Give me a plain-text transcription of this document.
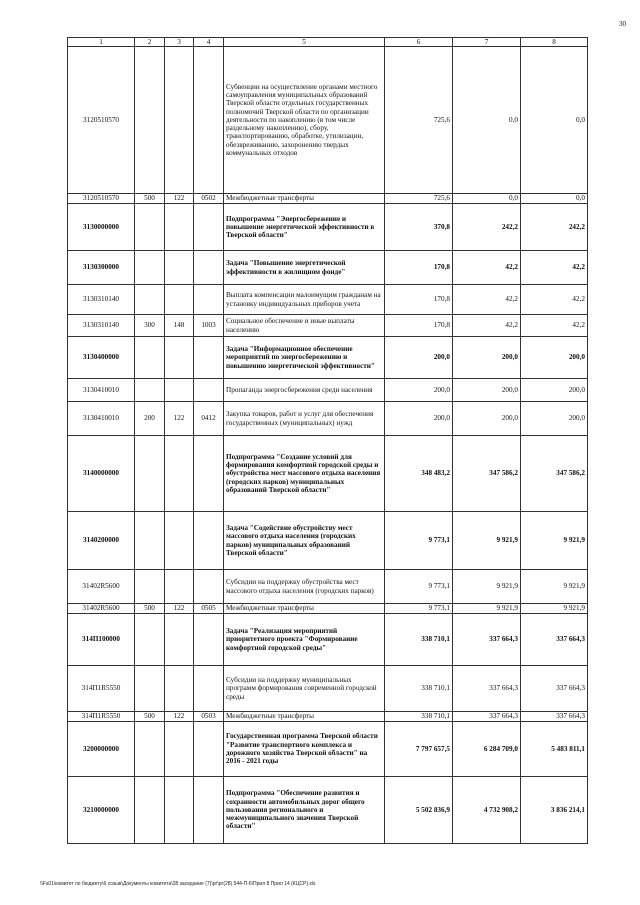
30
1	2	3	4	5	6	7	8
3120510570				Субвенции на осуществление органами местного самоуправления муниципальных образований Тверской области отдельных государственных полномочий Тверской области по организации деятельности по накоплению (в том числе раздельному накоплению), сбору, транспортированию, обработке, утилизации, обезвреживанию, захоронению твердых коммунальных отходов	725,6	0,0	0,0
3120510570	500	122	0502	Межбюджетные трансферты	725,6	0,0	0,0
3130000000				Подпрограмма "Энергосбережение и повышение энергетической эффективности в Тверской области"	370,8	242,2	242,2
3130300000				Задача "Повышение энергетической эффективности в жилищном фонде"	170,8	42,2	42,2
3130310140				Выплата компенсации малоимущим гражданам на установку индивидуальных приборов учета	170,8	42,2	42,2
3130310140	300	148	1003	Социальное обеспечение и иные выплаты населению	170,8	42,2	42,2
3130400000				Задача "Информационное обеспечение мероприятий по энергосбережению и повышению энергетической эффективности"	200,0	200,0	200,0
3130410010				Пропаганда энергосбережения среди населения	200,0	200,0	200,0
3130410010	200	122	0412	Закупка товаров, работ и услуг для обеспечения государственных (муниципальных) нужд	200,0	200,0	200,0
3140000000				Подпрограмма "Создание условий для формирования комфортной городской среды и обустройства мест массового отдыха населения (городских парков) муниципальных образований Тверской области"	348 483,2	347 586,2	347 586,2
3140200000				Задача "Содействие обустройству мест массового отдыха населения (городских парков) муниципальных образований Тверской области"	9 773,1	9 921,9	9 921,9
31402R5600				Субсидии на поддержку обустройства мест массового отдыха населения (городских парков)	9 773,1	9 921,9	9 921,9
31402R5600	500	122	0505	Межбюджетные трансферты	9 773,1	9 921,9	9 921,9
314П100000				Задача "Реализация мероприятий приоритетного проекта "Формирование комфортной городской среды"	338 710,1	337 664,3	337 664,3
314П1R5550				Субсидии на поддержку муниципальных программ формирования современной городской среды	338 710,1	337 664,3	337 664,3
314П1R5550	500	122	0503	Межбюджетные трансферты	338 710,1	337 664,3	337 664,3
3200000000				Государственная программа Тверской области "Развитие транспортного комплекса и дорожного хозяйства Тверской области" на 2016 - 2021 годы	7 797 657,5	6 284 709,0	5 483 811,1
3210000000				Подпрограмма "Обеспечение развития и сохранности автомобильных дорог общего пользования регионального и межмуниципального значения Тверской области"	5 502 836,9	4 732 908,2	3 836 214,1
\\Fs01\комитет по бюджету\6 созыв\Документы комитета\28 заседание (7)\рг\рг(28) 544-П-6\Прил 8 Прил 14 (КЦСР).xls
